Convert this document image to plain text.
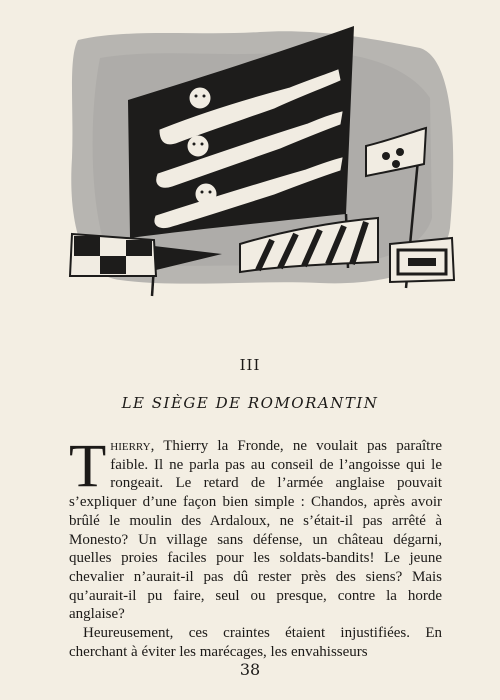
III
LE SIÈGE DE ROMORANTIN

Thierry, Thierry la Fronde, ne voulait pas paraître faible. Il ne parla pas au conseil de l’angoisse qui le rongeait. Le retard de l’armée anglaise pouvait s’expliquer d’une façon bien simple : Chandos, après avoir brûlé le moulin des Ardaloux, ne s’était-il pas arrêté à Monesto? Un village sans défense, un château dégarni, quelles proies faciles pour les soldats-bandits! Le jeune chevalier n’aurait-il pas dû rester près des siens? Mais qu’aurait-il pu faire, seul ou presque, contre la horde anglaise?

Heureusement, ces craintes étaient injustifiées. En cherchant à éviter les marécages, les envahisseurs

38
